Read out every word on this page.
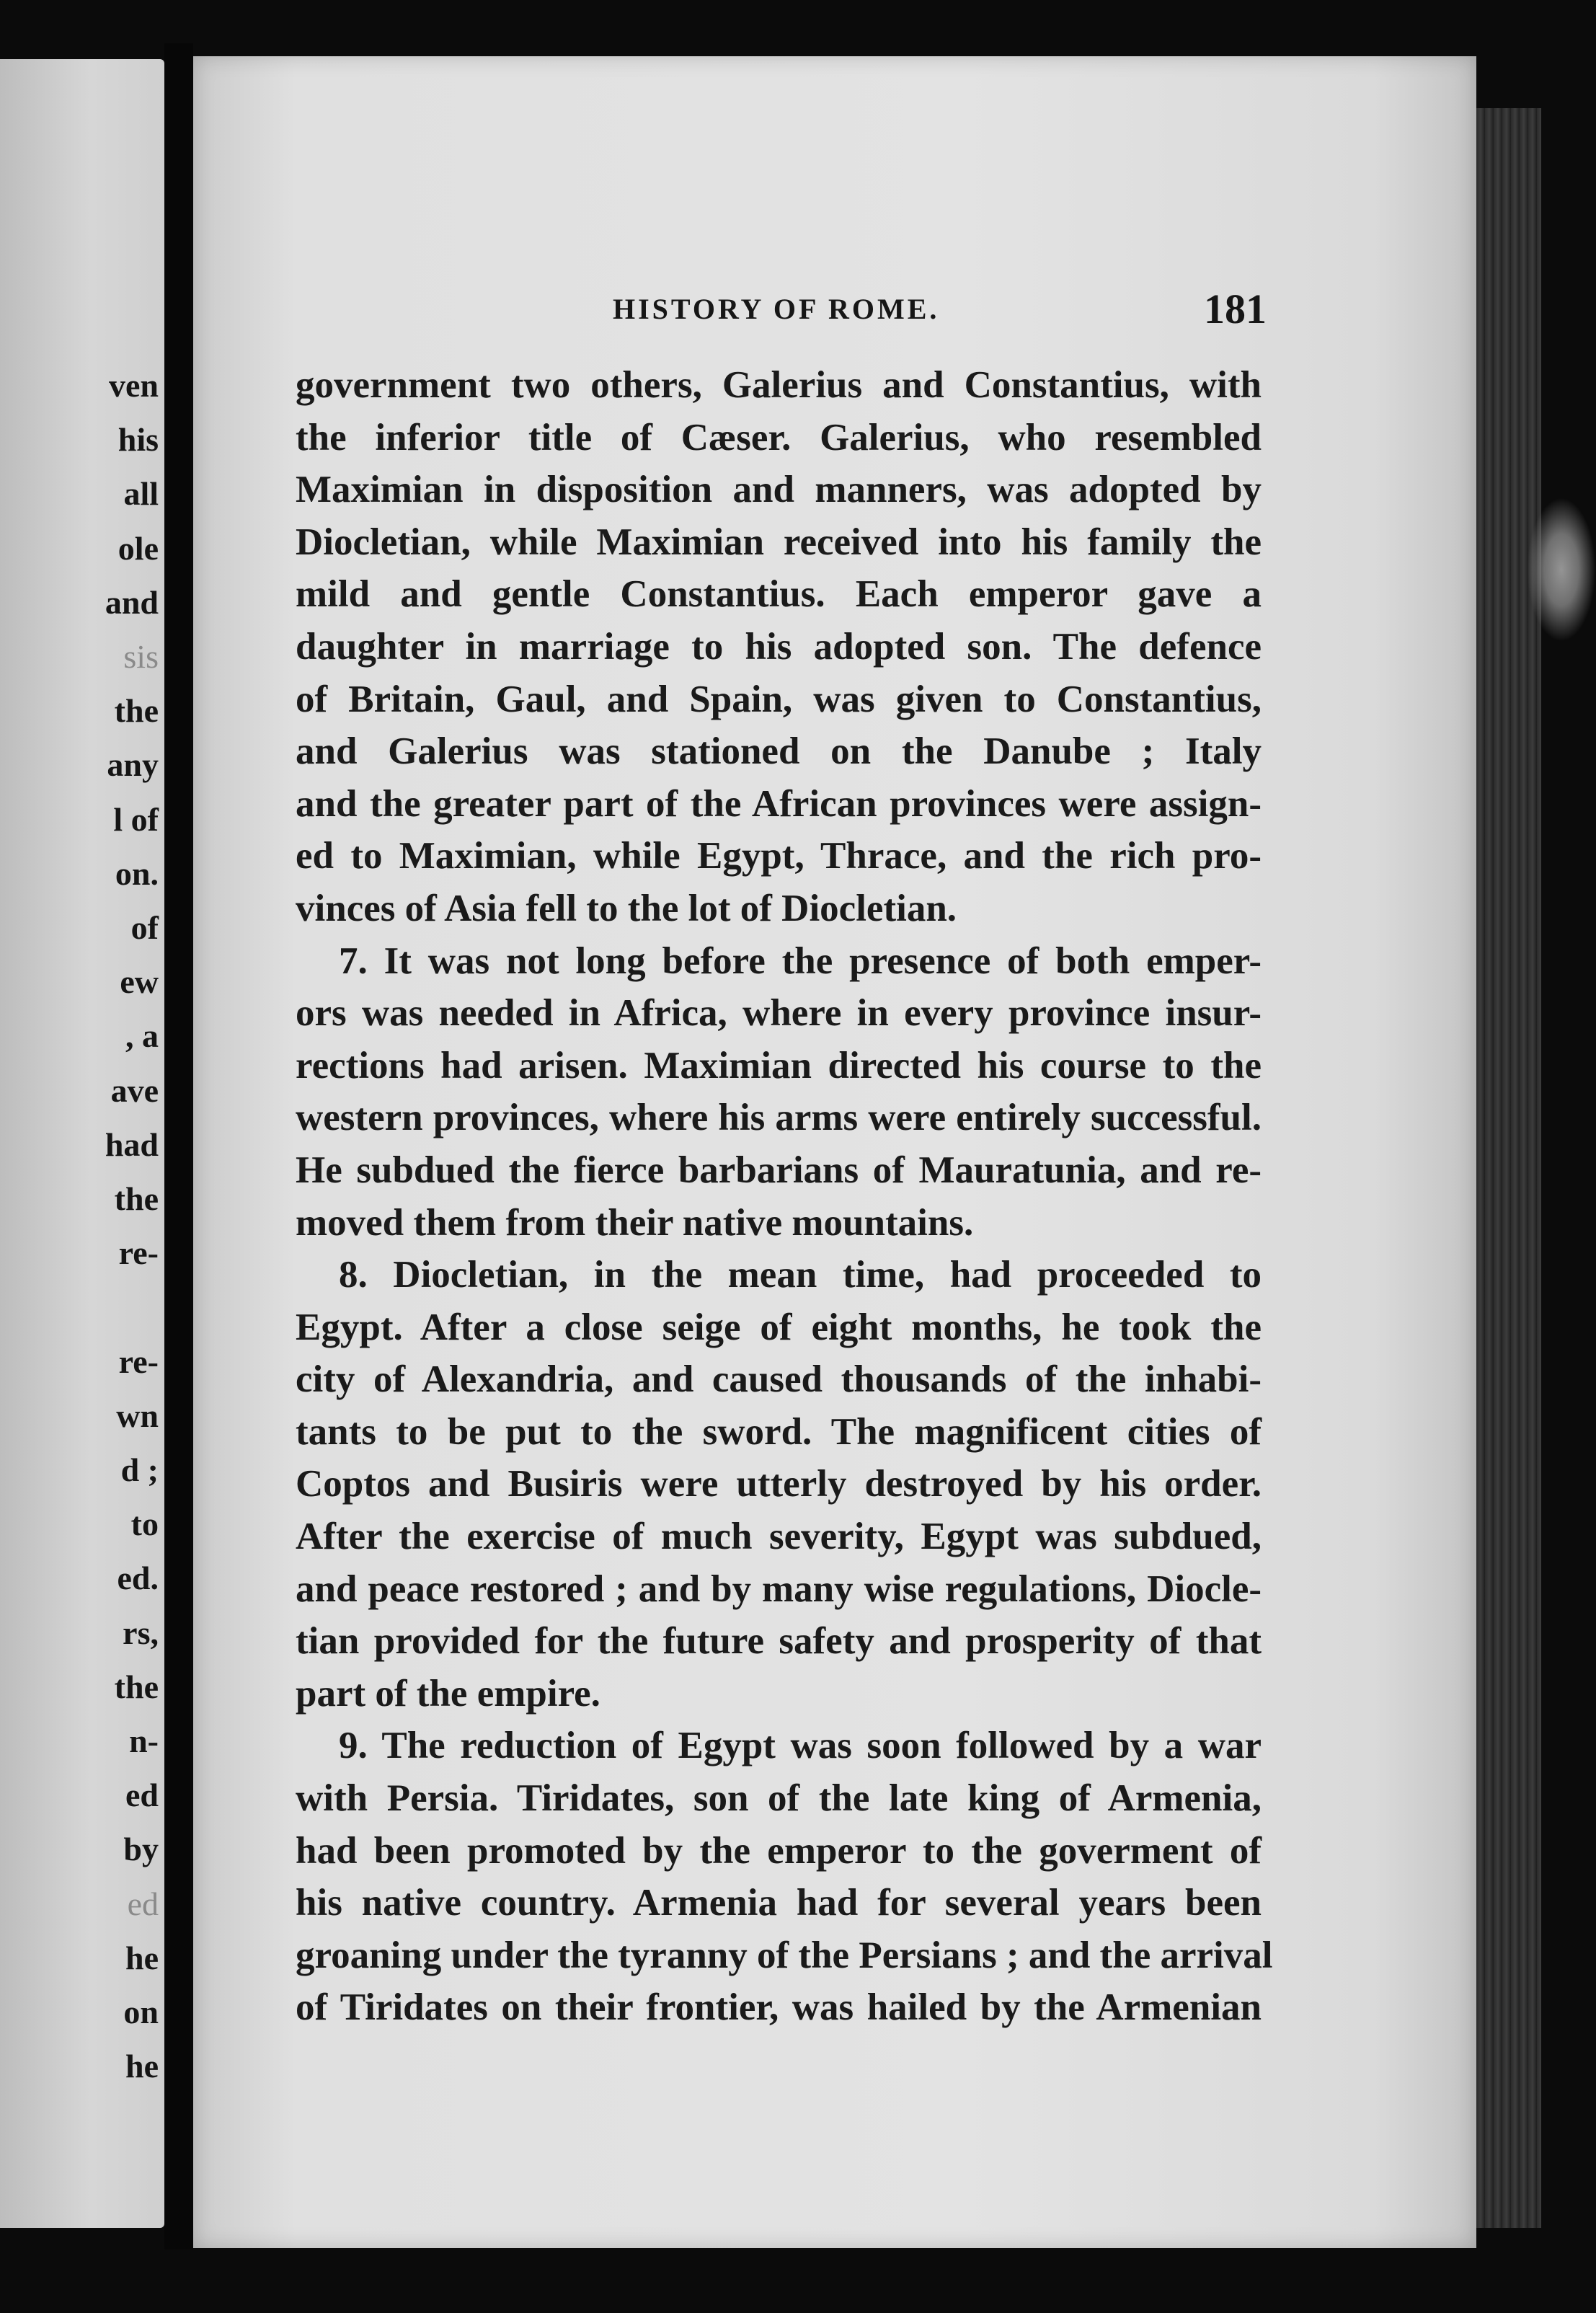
ven
his
all
ole
and
sis
the
any
l of
on.
of
ew
, a
ave
had
the
re-
re-
wn
d ;
to
ed.
rs,
the
n-
ed
by
ed
he
on
he
HISTORY OF ROME.	181
government two others, Galerius and Constantius, with
the inferior title of Cæser. Galerius, who resembled
Maximian in disposition and manners, was adopted by
Diocletian, while Maximian received into his family the
mild and gentle Constantius. Each emperor gave a
daughter in marriage to his adopted son. The defence
of Britain, Gaul, and Spain, was given to Constantius,
and Galerius was stationed on the Danube ; Italy
and the greater part of the African provinces were assign-
ed to Maximian, while Egypt, Thrace, and the rich pro-
vinces of Asia fell to the lot of Diocletian.
7. It was not long before the presence of both emper-
ors was needed in Africa, where in every province insur-
rections had arisen. Maximian directed his course to the
western provinces, where his arms were entirely successful.
He subdued the fierce barbarians of Mauratunia, and re-
moved them from their native mountains.
8. Diocletian, in the mean time, had proceeded to
Egypt. After a close seige of eight months, he took the
city of Alexandria, and caused thousands of the inhabi-
tants to be put to the sword. The magnificent cities of
Coptos and Busiris were utterly destroyed by his order.
After the exercise of much severity, Egypt was subdued,
and peace restored ; and by many wise regulations, Diocle-
tian provided for the future safety and prosperity of that
part of the empire.
9. The reduction of Egypt was soon followed by a war
with Persia. Tiridates, son of the late king of Armenia,
had been promoted by the emperor to the goverment of
his native country. Armenia had for several years been
groaning under the tyranny of the Persians ; and the arrival
of Tiridates on their frontier, was hailed by the Armenian
